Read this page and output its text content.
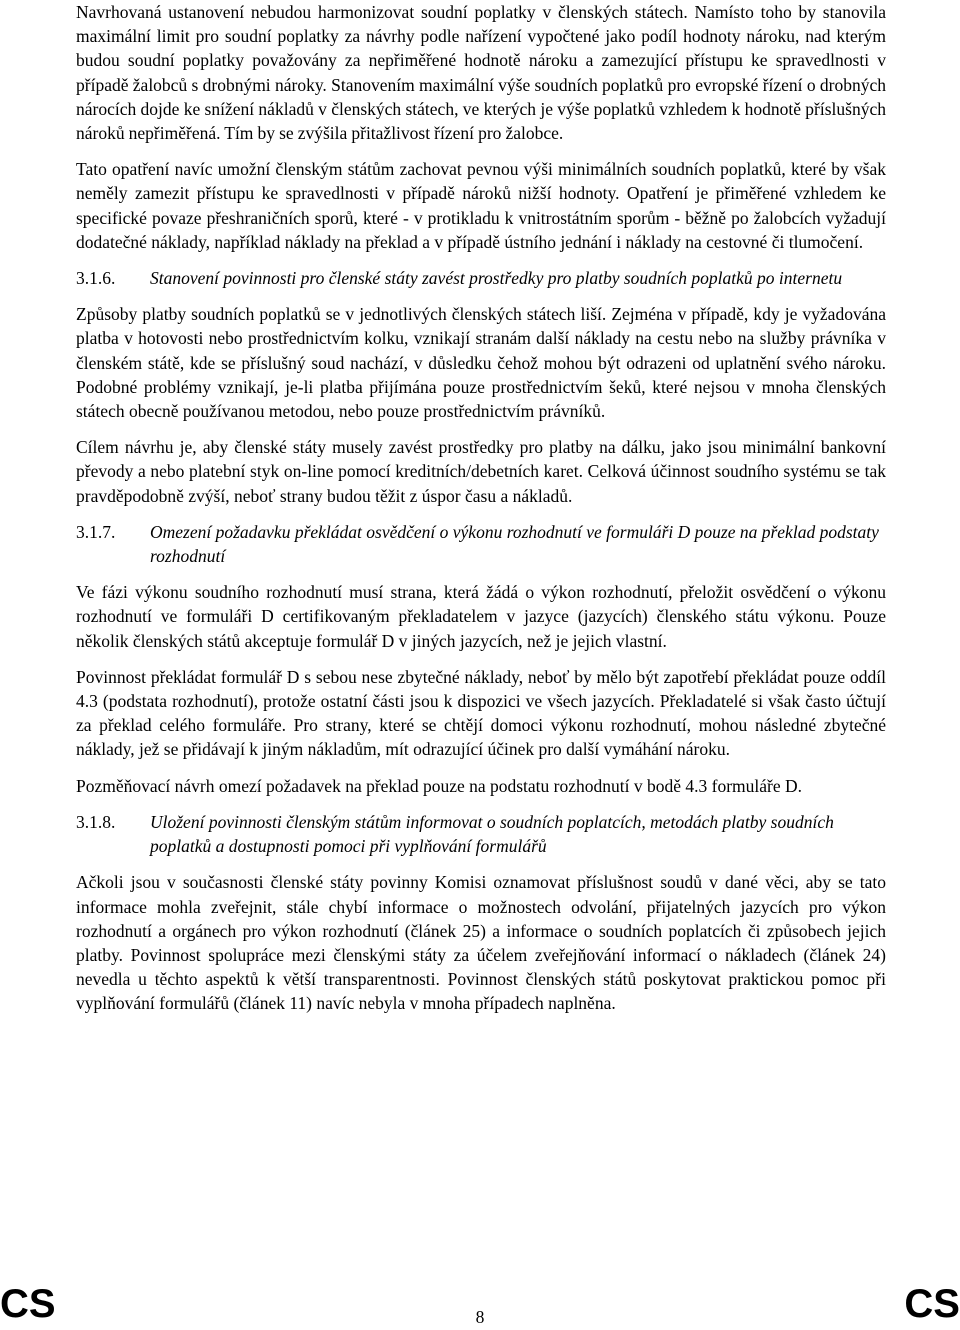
Navrhovaná ustanovení nebudou harmonizovat soudní poplatky v členských státech. Namísto toho by stanovila maximální limit pro soudní poplatky za návrhy podle nařízení vypočtené jako podíl hodnoty nároku, nad kterým budou soudní poplatky považovány za nepřiměřené hodnotě nároku a zamezující přístupu ke spravedlnosti v případě žalobců s drobnými nároky. Stanovením maximální výše soudních poplatků pro evropské řízení o drobných nárocích dojde ke snížení nákladů v členských státech, ve kterých je výše poplatků vzhledem k hodnotě příslušných nároků nepřiměřená. Tím by se zvýšila přitažlivost řízení pro žalobce.

Tato opatření navíc umožní členským státům zachovat pevnou výši minimálních soudních poplatků, které by však neměly zamezit přístupu ke spravedlnosti v případě nároků nižší hodnoty. Opatření je přiměřené vzhledem ke specifické povaze přeshraničních sporů, které - v protikladu k vnitrostátním sporům - běžně po žalobcích vyžadují dodatečné náklady, například náklady na překlad a v případě ústního jednání i náklady na cestovné či tlumočení.

3.1.6.	Stanovení povinnosti pro členské státy zavést prostředky pro platby soudních poplatků po internetu

Způsoby platby soudních poplatků se v jednotlivých členských státech liší. Zejména v případě, kdy je vyžadována platba v hotovosti nebo prostřednictvím kolku, vznikají stranám další náklady na cestu nebo na služby právníka v členském státě, kde se příslušný soud nachází, v důsledku čehož mohou být odrazeni od uplatnění svého nároku. Podobné problémy vznikají, je-li platba přijímána pouze prostřednictvím šeků, které nejsou v mnoha členských státech obecně používanou metodou, nebo pouze prostřednictvím právníků.

Cílem návrhu je, aby členské státy musely zavést prostředky pro platby na dálku, jako jsou minimální bankovní převody a nebo platební styk on-line pomocí kreditních/debetních karet. Celková účinnost soudního systému se tak pravděpodobně zvýší, neboť strany budou těžit z úspor času a nákladů.

3.1.7.	Omezení požadavku překládat osvědčení o výkonu rozhodnutí ve formuláři D pouze na překlad podstaty rozhodnutí

Ve fázi výkonu soudního rozhodnutí musí strana, která žádá o výkon rozhodnutí, přeložit osvědčení o výkonu rozhodnutí ve formuláři D certifikovaným překladatelem v jazyce (jazycích) členského státu výkonu. Pouze několik členských států akceptuje formulář D v jiných jazycích, než je jejich vlastní.

Povinnost překládat formulář D s sebou nese zbytečné náklady, neboť by mělo být zapotřebí překládat pouze oddíl 4.3 (podstata rozhodnutí), protože ostatní části jsou k dispozici ve všech jazycích. Překladatelé si však často účtují za překlad celého formuláře. Pro strany, které se chtějí domoci výkonu rozhodnutí, mohou následné zbytečné náklady, jež se přidávají k jiným nákladům, mít odrazující účinek pro další vymáhání nároku.

Pozměňovací návrh omezí požadavek na překlad pouze na podstatu rozhodnutí v bodě 4.3 formuláře D.

3.1.8.	Uložení povinnosti členským státům informovat o soudních poplatcích, metodách platby soudních poplatků a dostupnosti pomoci při vyplňování formulářů

Ačkoli jsou v současnosti členské státy povinny Komisi oznamovat příslušnost soudů v dané věci, aby se tato informace mohla zveřejnit, stále chybí informace o možnostech odvolání, přijatelných jazycích pro výkon rozhodnutí a orgánech pro výkon rozhodnutí (článek 25) a informace o soudních poplatcích či způsobech jejich platby. Povinnost spolupráce mezi členskými státy za účelem zveřejňování informací o nákladech (článek 24) nevedla u těchto aspektů k větší transparentnosti. Povinnost členských států poskytovat praktickou pomoc při vyplňování formulářů (článek 11) navíc nebyla v mnoha případech naplněna.

CS	8	CS
